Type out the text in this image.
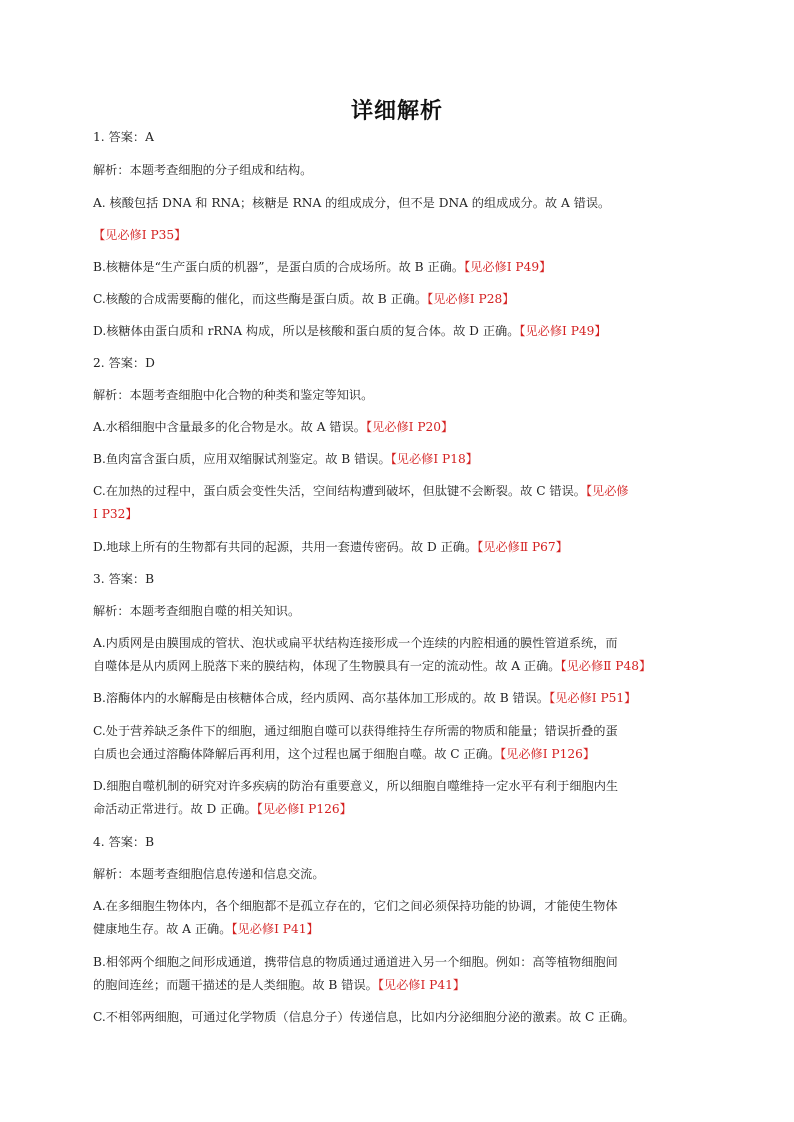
详细解析
1. 答案：A
解析：本题考查细胞的分子组成和结构。
A. 核酸包括 DNA 和 RNA；核糖是 RNA 的组成成分，但不是 DNA 的组成成分。故 A 错误。
【见必修Ⅰ P35】
B.核糖体是“生产蛋白质的机器”，是蛋白质的合成场所。故 B 正确。【见必修Ⅰ P49】
C.核酸的合成需要酶的催化，而这些酶是蛋白质。故 B 正确。【见必修Ⅰ P28】
D.核糖体由蛋白质和 rRNA 构成，所以是核酸和蛋白质的复合体。故 D 正确。【见必修Ⅰ P49】
2. 答案：D
解析：本题考查细胞中化合物的种类和鉴定等知识。
A.水稻细胞中含量最多的化合物是水。故 A 错误。【见必修Ⅰ P20】
B.鱼肉富含蛋白质，应用双缩脲试剂鉴定。故 B 错误。【见必修Ⅰ P18】
C.在加热的过程中，蛋白质会变性失活，空间结构遭到破坏，但肽键不会断裂。故 C 错误。【见必修
Ⅰ P32】
D.地球上所有的生物都有共同的起源，共用一套遗传密码。故 D 正确。【见必修Ⅱ P67】
3. 答案：B
解析：本题考查细胞自噬的相关知识。
A.内质网是由膜围成的管状、泡状或扁平状结构连接形成一个连续的内腔相通的膜性管道系统，而
自噬体是从内质网上脱落下来的膜结构，体现了生物膜具有一定的流动性。故 A 正确。【见必修Ⅱ P48】
B.溶酶体内的水解酶是由核糖体合成，经内质网、高尔基体加工形成的。故 B 错误。【见必修Ⅰ P51】
C.处于营养缺乏条件下的细胞，通过细胞自噬可以获得维持生存所需的物质和能量；错误折叠的蛋
白质也会通过溶酶体降解后再利用，这个过程也属于细胞自噬。故 C 正确。【见必修Ⅰ P126】
D.细胞自噬机制的研究对许多疾病的防治有重要意义，所以细胞自噬维持一定水平有利于细胞内生
命活动正常进行。故 D 正确。【见必修Ⅰ P126】
4. 答案：B
解析：本题考查细胞信息传递和信息交流。
A.在多细胞生物体内，各个细胞都不是孤立存在的，它们之间必须保持功能的协调，才能使生物体
健康地生存。故 A 正确。【见必修Ⅰ P41】
B.相邻两个细胞之间形成通道，携带信息的物质通过通道进入另一个细胞。例如：高等植物细胞间
的胞间连丝；而题干描述的是人类细胞。故 B 错误。【见必修Ⅰ P41】
C.不相邻两细胞，可通过化学物质（信息分子）传递信息，比如内分泌细胞分泌的激素。故 C 正确。
